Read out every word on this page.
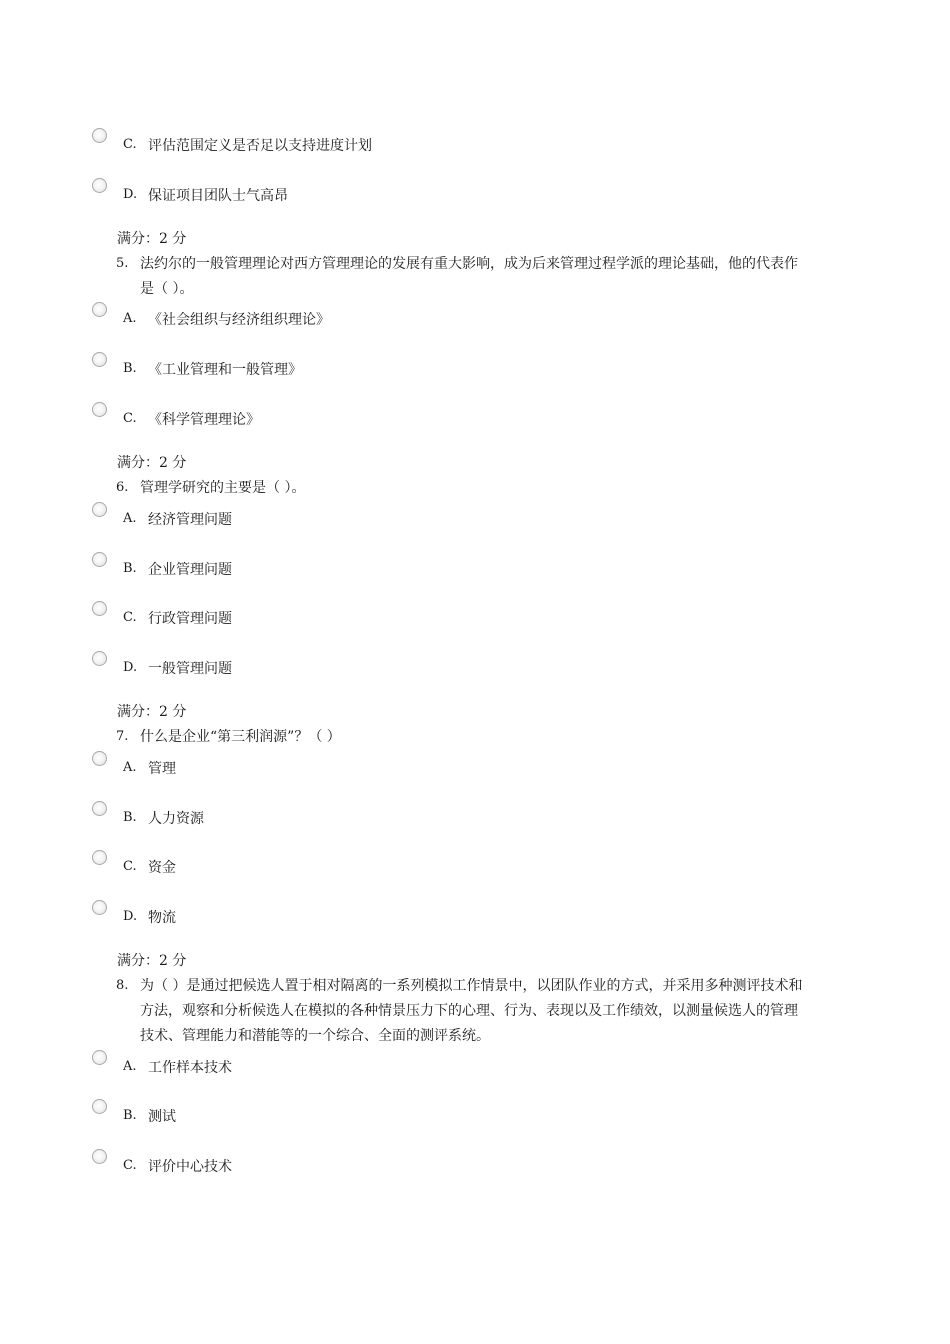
C. 评估范围定义是否足以支持进度计划
D. 保证项目团队士气高昂
满分：2 分
5. 法约尔的一般管理理论对西方管理理论的发展有重大影响，成为后来管理过程学派的理论基础，他的代表作是（ ）。
A. 《社会组织与经济组织理论》
B. 《工业管理和一般管理》
C. 《科学管理理论》
满分：2 分
6. 管理学研究的主要是（ ）。
A. 经济管理问题
B. 企业管理问题
C. 行政管理问题
D. 一般管理问题
满分：2 分
7. 什么是企业“第三利润源”？（ ）
A. 管理
B. 人力资源
C. 资金
D. 物流
满分：2 分
8. 为（ ）是通过把候选人置于相对隔离的一系列模拟工作情景中，以团队作业的方式，并采用多种测评技术和方法，观察和分析候选人在模拟的各种情景压力下的心理、行为、表现以及工作绩效，以测量候选人的管理技术、管理能力和潜能等的一个综合、全面的测评系统。
A. 工作样本技术
B. 测试
C. 评价中心技术
